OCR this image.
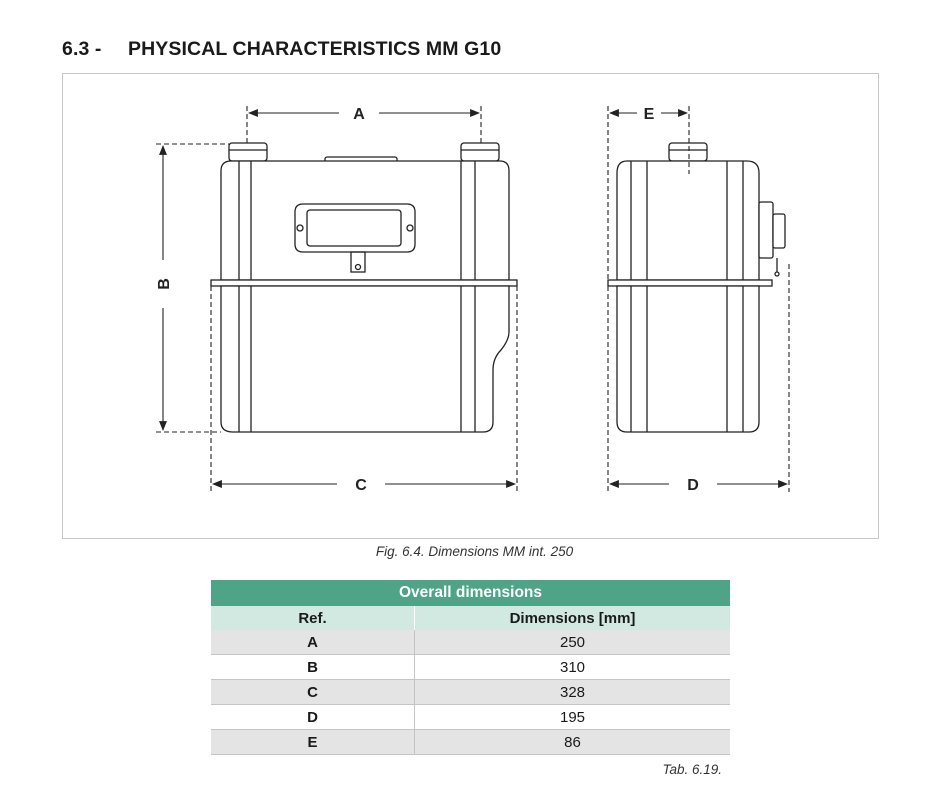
6.3 - PHYSICAL CHARACTERISTICS MM G10
A	E
C	D
B
Fig. 6.4. Dimensions MM int. 250
Overall dimensions	
Ref.	Dimensions [mm]
A	250
B	310
C	328
D	195
E	86
Tab. 6.19.
